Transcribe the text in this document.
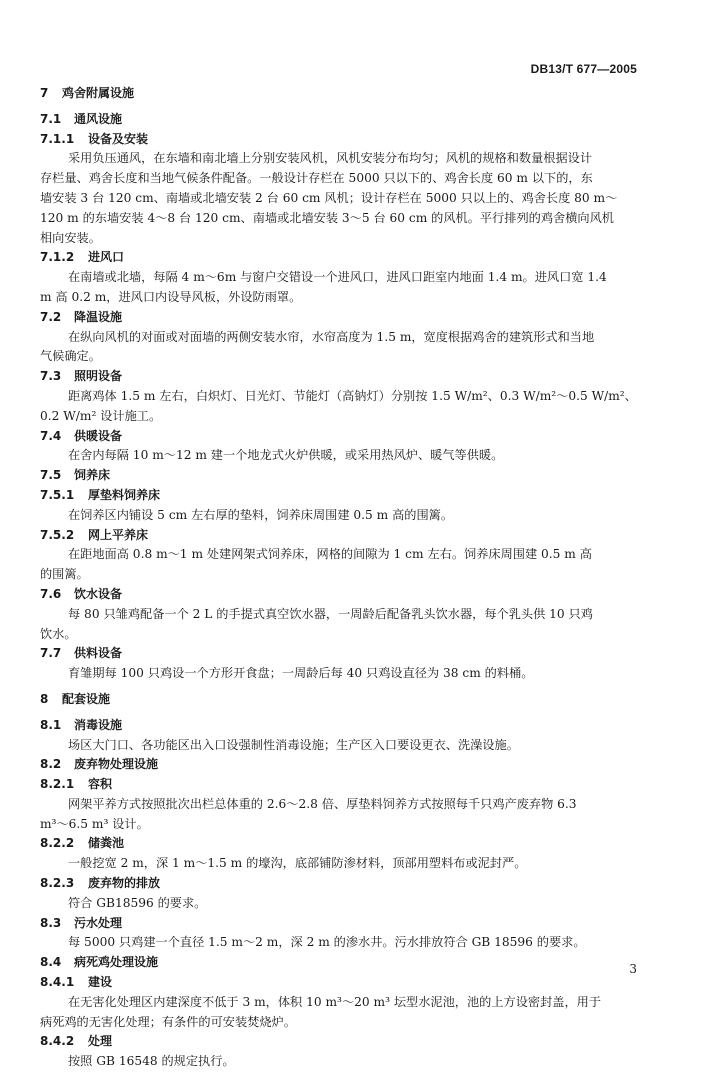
DB13/T 677—2005
7 鸡舍附属设施
7.1 通风设施
7.1.1 设备及安装
采用负压通风，在东墙和南北墙上分别安装风机，风机安装分布均匀；风机的规格和数量根据设计
存栏量、鸡舍长度和当地气候条件配备。一般设计存栏在 5000 只以下的、鸡舍长度 60 m 以下的，东
墙安装 3 台 120 cm、南墙或北墙安装 2 台 60 cm 风机；设计存栏在 5000 只以上的、鸡舍长度 80 m～
120 m 的东墙安装 4～8 台 120 cm、南墙或北墙安装 3～5 台 60 cm 的风机。平行排列的鸡舍横向风机
相向安装。
7.1.2 进风口
在南墙或北墙，每隔 4 m～6m 与窗户交错设一个进风口，进风口距室内地面 1.4 m。进风口宽 1.4
m 高 0.2 m，进风口内设导风板，外设防雨罩。
7.2 降温设施
在纵向风机的对面或对面墙的两侧安装水帘，水帘高度为 1.5 m，宽度根据鸡舍的建筑形式和当地
气候确定。
7.3 照明设备
距离鸡体 1.5 m 左右，白炽灯、日光灯、节能灯（高钠灯）分别按 1.5 W/m²、0.3 W/m²～0.5 W/m²、
0.2 W/m² 设计施工。
7.4 供暖设备
在舍内每隔 10 m～12 m 建一个地龙式火炉供暖，或采用热风炉、暖气等供暖。
7.5 饲养床
7.5.1 厚垫料饲养床
在饲养区内铺设 5 cm 左右厚的垫料，饲养床周围建 0.5 m 高的围篱。
7.5.2 网上平养床
在距地面高 0.8 m～1 m 处建网架式饲养床，网格的间隙为 1 cm 左右。饲养床周围建 0.5 m 高
的围篱。
7.6 饮水设备
每 80 只雏鸡配备一个 2 L 的手提式真空饮水器，一周龄后配备乳头饮水器，每个乳头供 10 只鸡
饮水。
7.7 供料设备
育雏期每 100 只鸡设一个方形开食盘；一周龄后每 40 只鸡设直径为 38 cm 的料桶。
8 配套设施
8.1 消毒设施
场区大门口、各功能区出入口设强制性消毒设施；生产区入口要设更衣、洗澡设施。
8.2 废弃物处理设施
8.2.1 容积
网架平养方式按照批次出栏总体重的 2.6～2.8 倍、厚垫料饲养方式按照每千只鸡产废弃物 6.3
m³～6.5 m³ 设计。
8.2.2 储粪池
一般挖宽 2 m，深 1 m～1.5 m 的壕沟，底部铺防渗材料，顶部用塑料布或泥封严。
8.2.3 废弃物的排放
符合 GB18596 的要求。
8.3 污水处理
每 5000 只鸡建一个直径 1.5 m～2 m，深 2 m 的渗水井。污水排放符合 GB 18596 的要求。
8.4 病死鸡处理设施
8.4.1 建设
在无害化处理区内建深度不低于 3 m，体积 10 m³～20 m³ 坛型水泥池，池的上方设密封盖，用于
病死鸡的无害化处理；有条件的可安装焚烧炉。
8.4.2 处理
按照 GB 16548 的规定执行。
3
